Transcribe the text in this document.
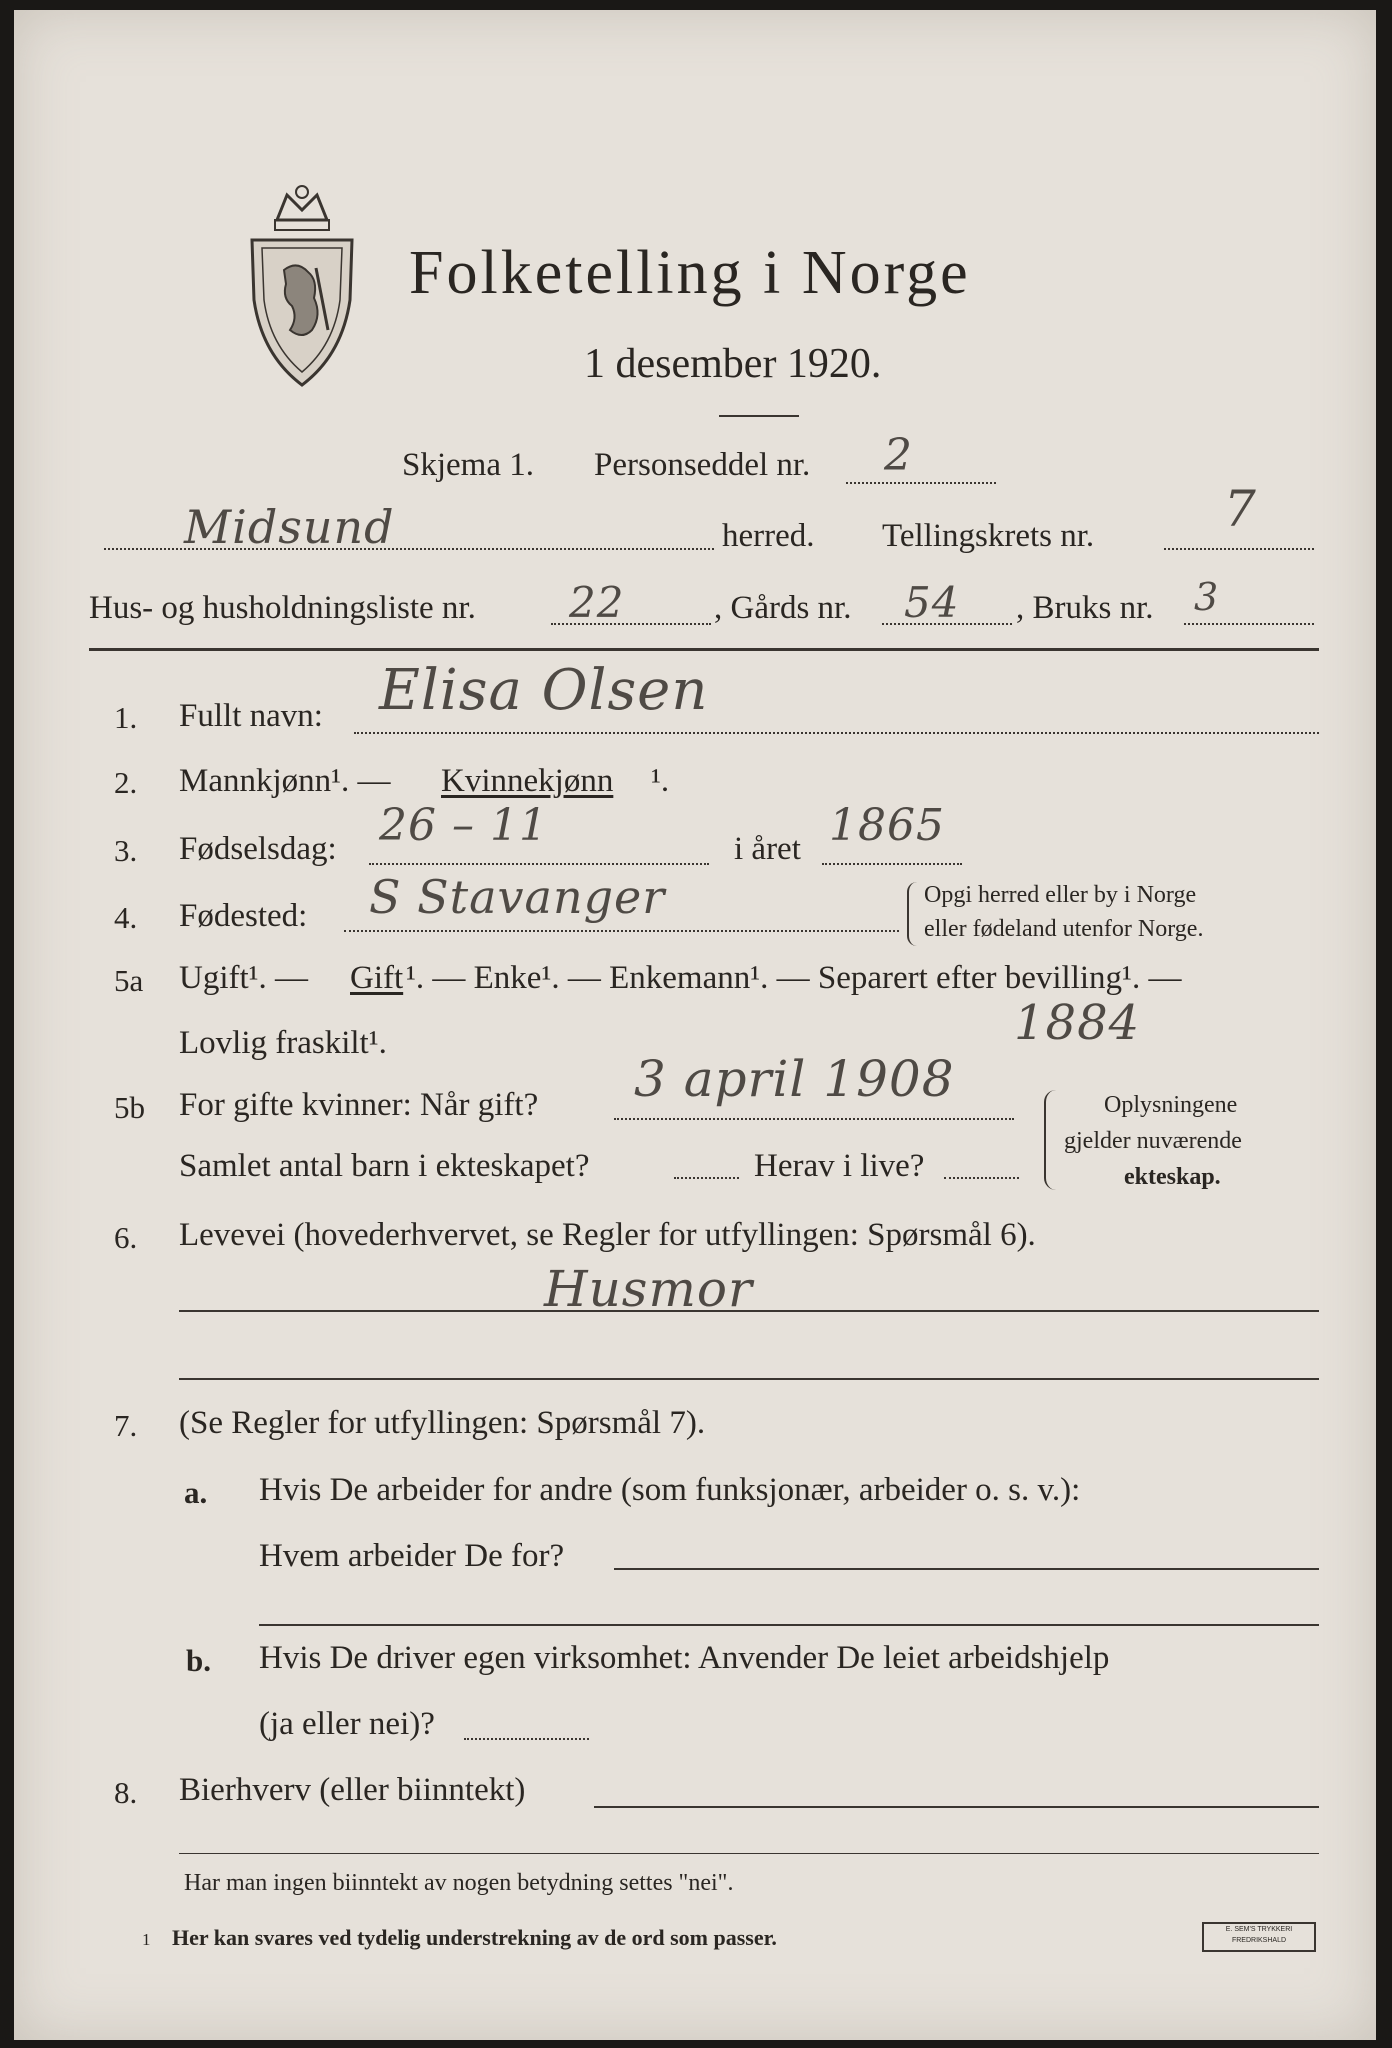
Folketelling i Norge
1 desember 1920.
Skjema 1. Personseddel nr. 2
Midsund	herred. Tellingskrets nr.	7
Hus- og husholdningsliste nr. 22	, Gårds nr. 54 , Bruks nr. 3
1. Fullt navn: Elisa Olsen
2. Mannkjønn¹. — Kvinnekjønn ¹.
3. Fødselsdag: 26 – 11	i året 1865
4. Fødested: S Stavanger	Opgi herred eller by i Norge
eller fødeland utenfor Norge.
5a Ugift¹. — Gift ¹. — Enke¹. — Enkemann¹. — Separert efter bevilling¹. —
Lovlig fraskilt¹.	1884
5b For gifte kvinner: Når gift? 3 april 1908
Samlet antal barn i ekteskapet?	Herav i live?
Oplysningene
gjelder nuværende
ekteskap.
6. Levevei (hovederhvervet, se Regler for utfyllingen: Spørsmål 6).
Husmor
7. (Se Regler for utfyllingen: Spørsmål 7).
a. Hvis De arbeider for andre (som funksjonær, arbeider o. s. v.):
Hvem arbeider De for?
b. Hvis De driver egen virksomhet: Anvender De leiet arbeidshjelp
(ja eller nei)?
8. Bierhverv (eller biinntekt)
Har man ingen biinntekt av nogen betydning settes "nei".
1 Her kan svares ved tydelig understrekning av de ord som passer.	E. SEM'S TRYKKERI FREDRIKSHALD
